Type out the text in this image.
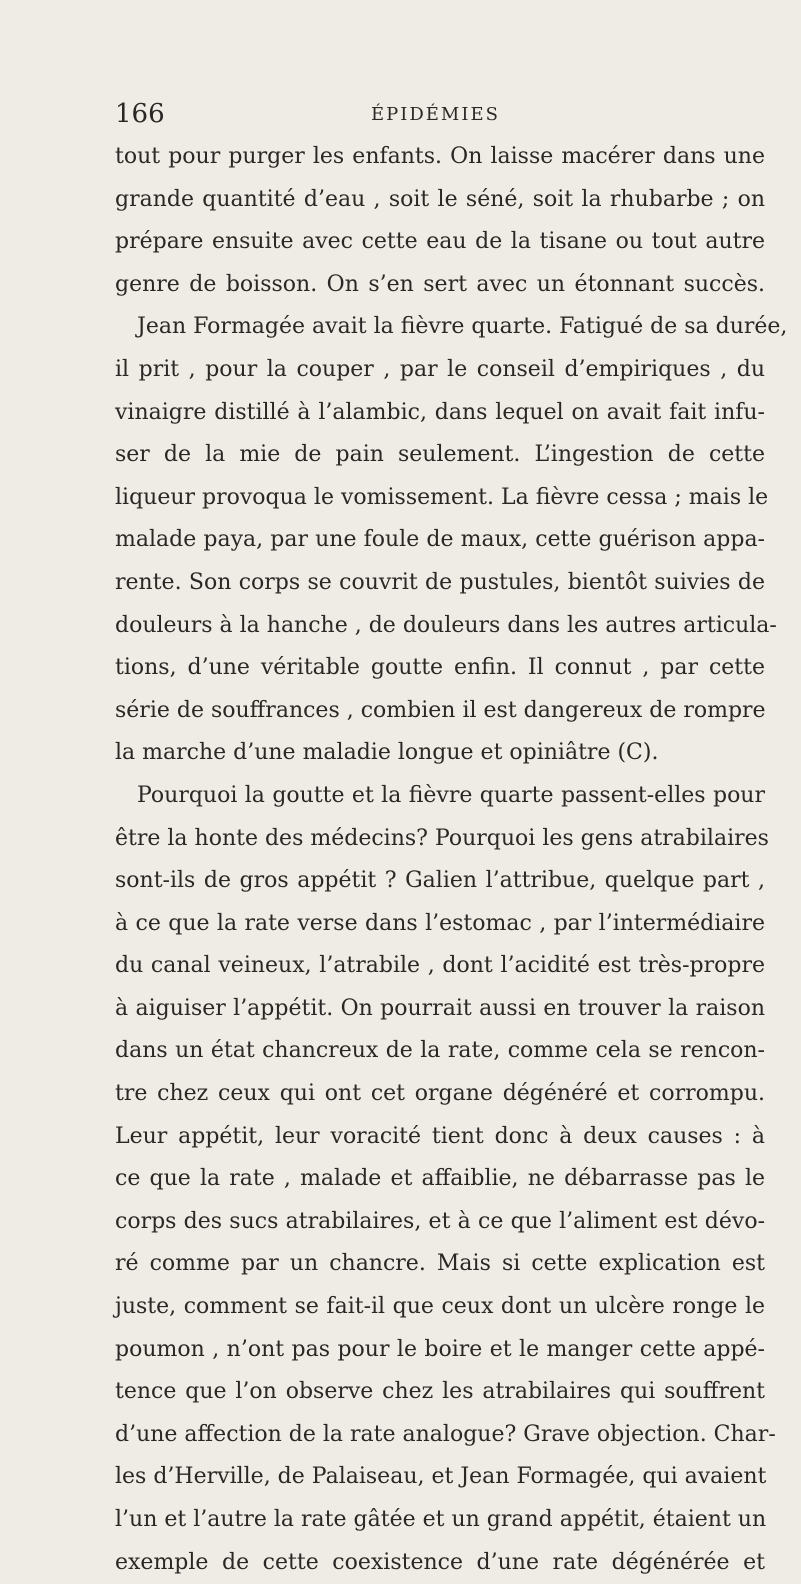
166	ÉPIDÉMIES
tout pour purger les enfants. On laisse macérer dans une
grande quantité d’eau , soit le séné, soit la rhubarbe ; on
prépare ensuite avec cette eau de la tisane ou tout autre
genre de boisson. On s’en sert avec un étonnant succès.
Jean Formagée avait la fièvre quarte. Fatigué de sa durée,
il prit , pour la couper , par le conseil d’empiriques , du
vinaigre distillé à l’alambic, dans lequel on avait fait infu-
ser de la mie de pain seulement. L’ingestion de cette
liqueur provoqua le vomissement. La fièvre cessa ; mais le
malade paya, par une foule de maux, cette guérison appa-
rente. Son corps se couvrit de pustules, bientôt suivies de
douleurs à la hanche , de douleurs dans les autres articula-
tions, d’une véritable goutte enfin. Il connut , par cette
série de souffrances , combien il est dangereux de rompre
la marche d’une maladie longue et opiniâtre (C).
Pourquoi la goutte et la fièvre quarte passent-elles pour
être la honte des médecins? Pourquoi les gens atrabilaires
sont-ils de gros appétit ? Galien l’attribue, quelque part ,
à ce que la rate verse dans l’estomac , par l’intermédiaire
du canal veineux, l’atrabile , dont l’acidité est très-propre
à aiguiser l’appétit. On pourrait aussi en trouver la raison
dans un état chancreux de la rate, comme cela se rencon-
tre chez ceux qui ont cet organe dégénéré et corrompu.
Leur appétit, leur voracité tient donc à deux causes : à
ce que la rate , malade et affaiblie, ne débarrasse pas le
corps des sucs atrabilaires, et à ce que l’aliment est dévo-
ré comme par un chancre. Mais si cette explication est
juste, comment se fait-il que ceux dont un ulcère ronge le
poumon , n’ont pas pour le boire et le manger cette appé-
tence que l’on observe chez les atrabilaires qui souffrent
d’une affection de la rate analogue? Grave objection. Char-
les d’Herville, de Palaiseau, et Jean Formagée, qui avaient
l’un et l’autre la rate gâtée et un grand appétit, étaient un
exemple de cette coexistence d’une rate dégénérée et
